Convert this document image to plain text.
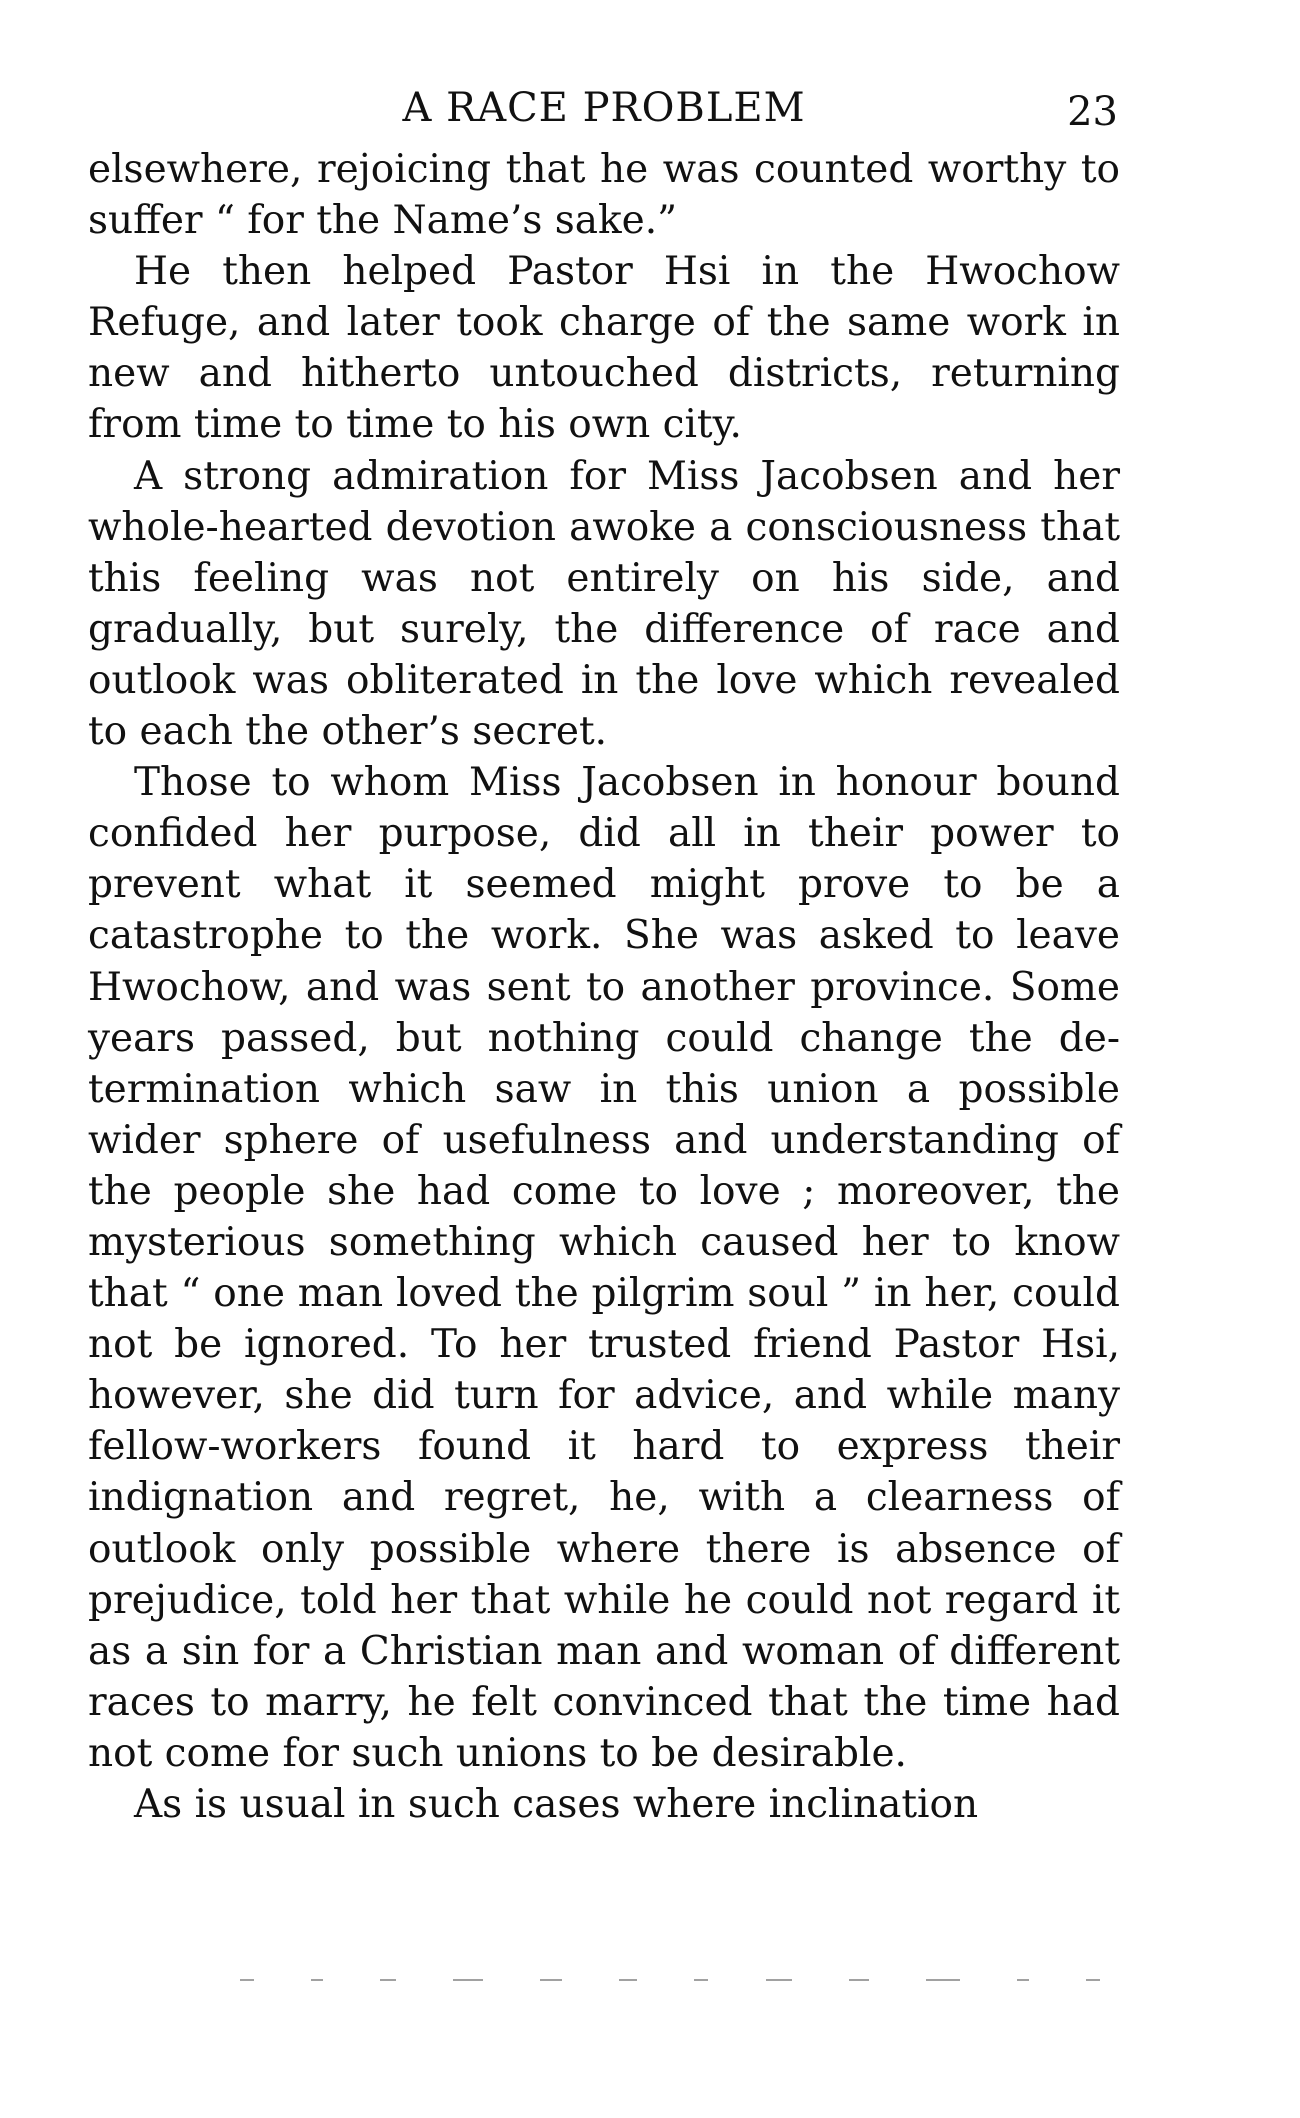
A RACE PROBLEM	23

elsewhere, rejoicing that he was counted worthy to suffer “ for the Name’s sake.”

He then helped Pastor Hsi in the Hwochow Refuge, and later took charge of the same work in new and hitherto untouched districts, returning from time to time to his own city.

A strong admiration for Miss Jacobsen and her whole-hearted devotion awoke a consciousness that this feeling was not entirely on his side, and gradually, but surely, the difference of race and outlook was obliterated in the love which revealed to each the other’s secret.

Those to whom Miss Jacobsen in honour bound confided her purpose, did all in their power to prevent what it seemed might prove to be a catastrophe to the work. She was asked to leave Hwochow, and was sent to another province. Some years passed, but nothing could change the determination which saw in this union a possible wider sphere of usefulness and understanding of the people she had come to love ; moreover, the mysterious something which caused her to know that “ one man loved the pilgrim soul ” in her, could not be ignored. To her trusted friend Pastor Hsi, however, she did turn for advice, and while many fellow-workers found it hard to express their indignation and regret, he, with a clearness of outlook only possible where there is absence of prejudice, told her that while he could not regard it as a sin for a Christian man and woman of different races to marry, he felt convinced that the time had not come for such unions to be desirable.

As is usual in such cases where inclination
